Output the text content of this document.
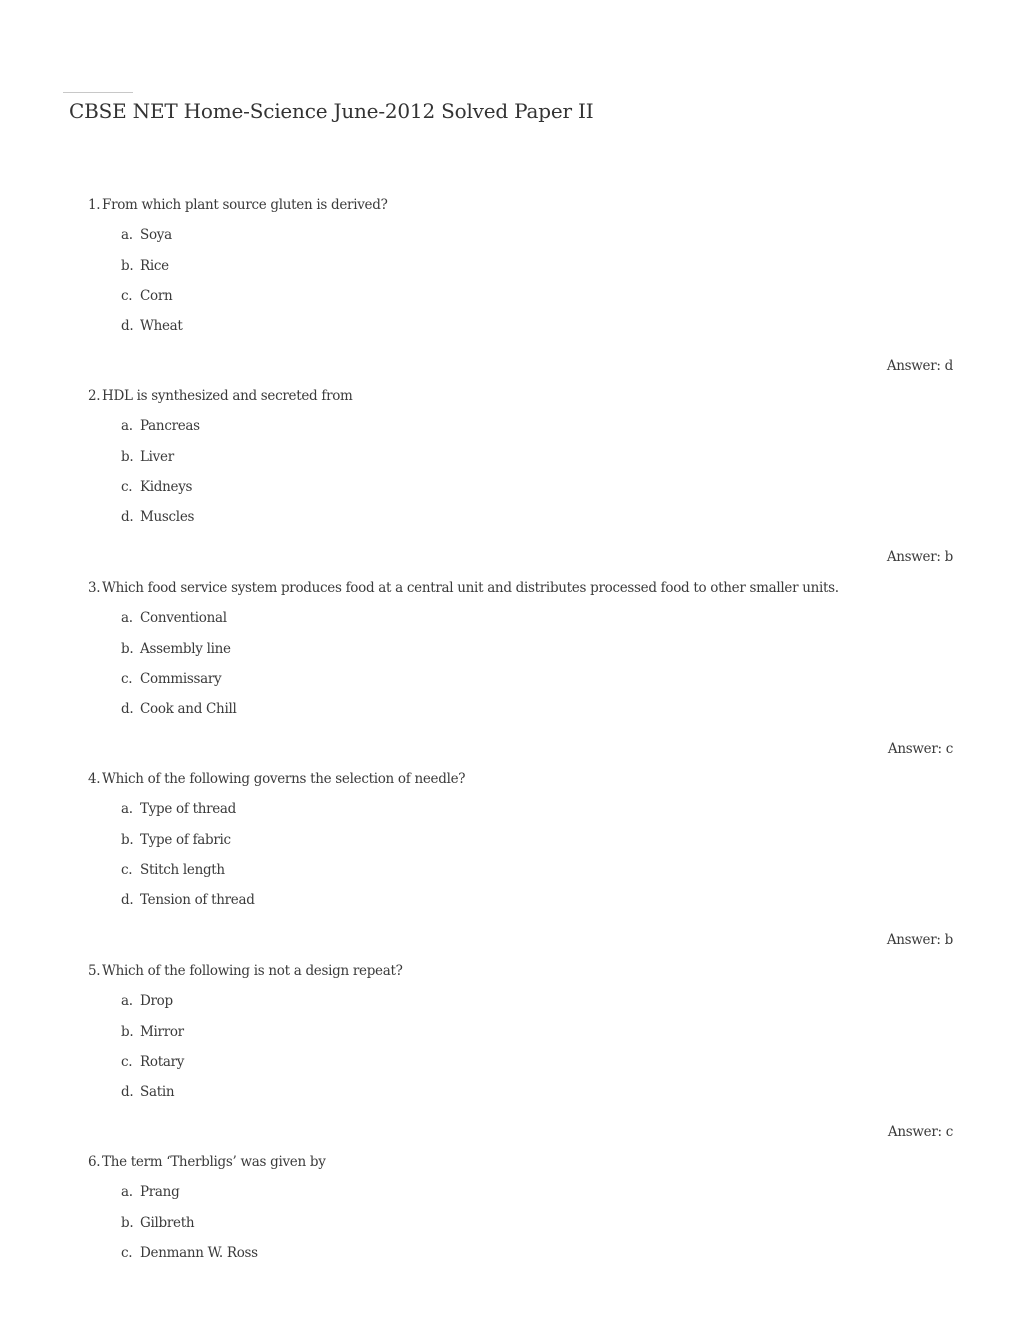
CBSE NET Home-Science June-2012 Solved Paper II
1. From which plant source gluten is derived?
a. Soya
b. Rice
c. Corn
d. Wheat
Answer: d
2. HDL is synthesized and secreted from
a. Pancreas
b. Liver
c. Kidneys
d. Muscles
Answer: b
3. Which food service system produces food at a central unit and distributes processed food to other smaller units.
a. Conventional
b. Assembly line
c. Commissary
d. Cook and Chill
Answer: c
4. Which of the following governs the selection of needle?
a. Type of thread
b. Type of fabric
c. Stitch length
d. Tension of thread
Answer: b
5. Which of the following is not a design repeat?
a. Drop
b. Mirror
c. Rotary
d. Satin
Answer: c
6. The term ‘Therbligs’ was given by
a. Prang
b. Gilbreth
c. Denmann W. Ross
